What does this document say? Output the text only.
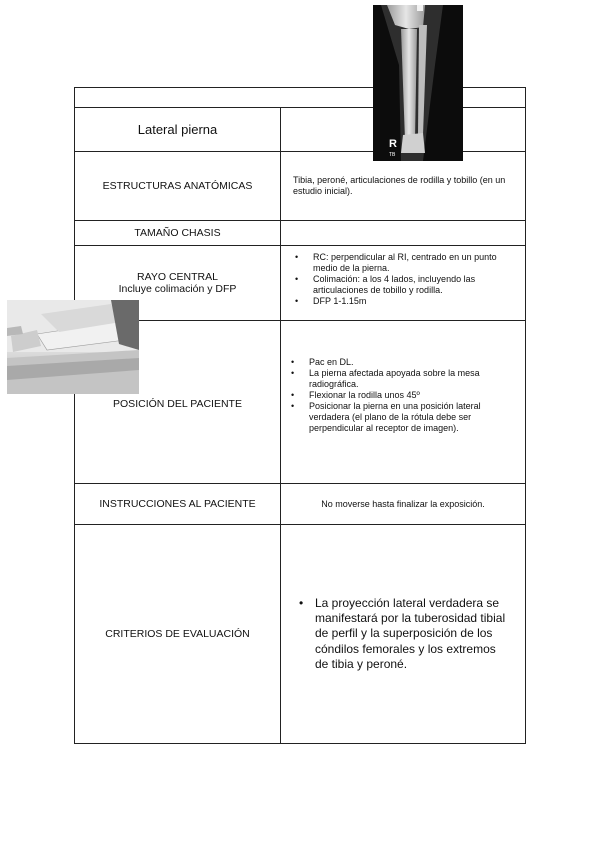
Lateral pierna
ESTRUCTURAS ANATÓMICAS	Tibia, peroné, articulaciones de rodilla y tobillo (en un estudio inicial).
TAMAÑO CHASIS
RAYO CENTRAL
Incluye colimación y DFP
• RC: perpendicular al RI, centrado en un punto medio de la pierna.
• Colimación: a los 4 lados, incluyendo las articulaciones de tobillo y rodilla.
• DFP 1-1.15m
POSICIÓN DEL PACIENTE
• Pac en DL.
• La pierna afectada apoyada sobre la mesa radiográfica.
• Flexionar la rodilla unos 45º
• Posicionar la pierna en una posición lateral verdadera (el plano de la rótula debe ser perpendicular al receptor de imagen).
INSTRUCCIONES AL PACIENTE	No moverse hasta finalizar la exposición.
CRITERIOS DE EVALUACIÓN
• La proyección lateral verdadera se manifestará por la tuberosidad tibial de perfil y la superposición de los cóndilos femorales y los extremos de tibia y peroné.
R
TB
